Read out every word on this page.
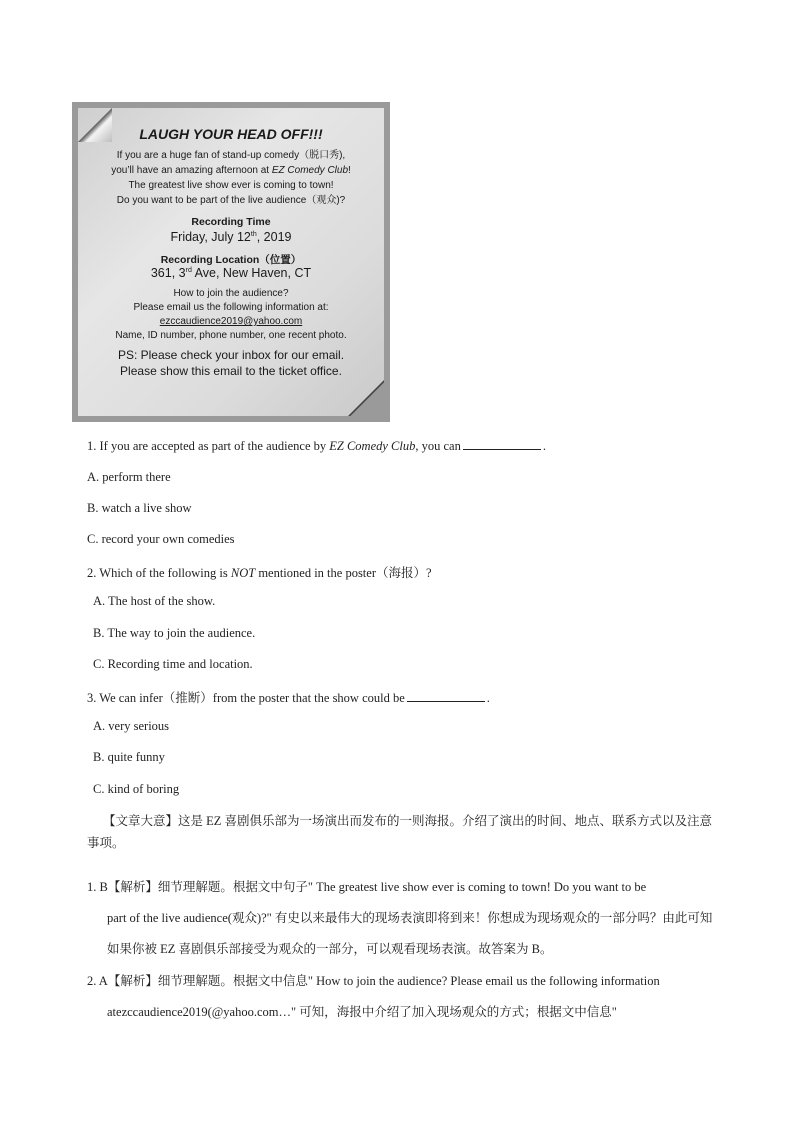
LAUGH YOUR HEAD OFF!!!
If you are a huge fan of stand-up comedy（脱口秀),
you’ll have an amazing afternoon at EZ Comedy Club!
The greatest live show ever is coming to town!
Do you want to be part of the live audience（观众)?
Recording Time
Friday, July 12th, 2019
Recording Location（位置）
361, 3rd Ave, New Haven, CT
How to join the audience?
Please email us the following information at:
ezccaudience2019@yahoo.com
Name, ID number, phone number, one recent photo.
PS: Please check your inbox for our email.
Please show this email to the ticket office.
1. If you are accepted as part of the audience by EZ Comedy Club, you can	.
A. perform there
B. watch a live show
C. record your own comedies
2. Which of the following is NOT mentioned in the poster（海报）?
A. The host of the show.
B. The way to join the audience.
C. Recording time and location.
3. We can infer（推断）from the poster that the show could be	.
A. very serious
B. quite funny
C. kind of boring
【文章大意】这是 EZ 喜剧俱乐部为一场演出而发布的一则海报。介绍了演出的时间、地点、联系方式以及注意事项。
1. B【解析】细节理解题。根据文中句子" The greatest live show ever is coming to town! Do you want to be
part of the live audience(观众)?" 有史以来最伟大的现场表演即将到来！你想成为现场观众的一部分吗？由此可知如果你被 EZ 喜剧俱乐部接受为观众的一部分，可以观看现场表演。故答案为 B。
2. A【解析】细节理解题。根据文中信息" How to join the audience? Please email us the following information
atezccaudience2019(@yahoo.com…" 可知，海报中介绍了加入现场观众的方式；根据文中信息"
